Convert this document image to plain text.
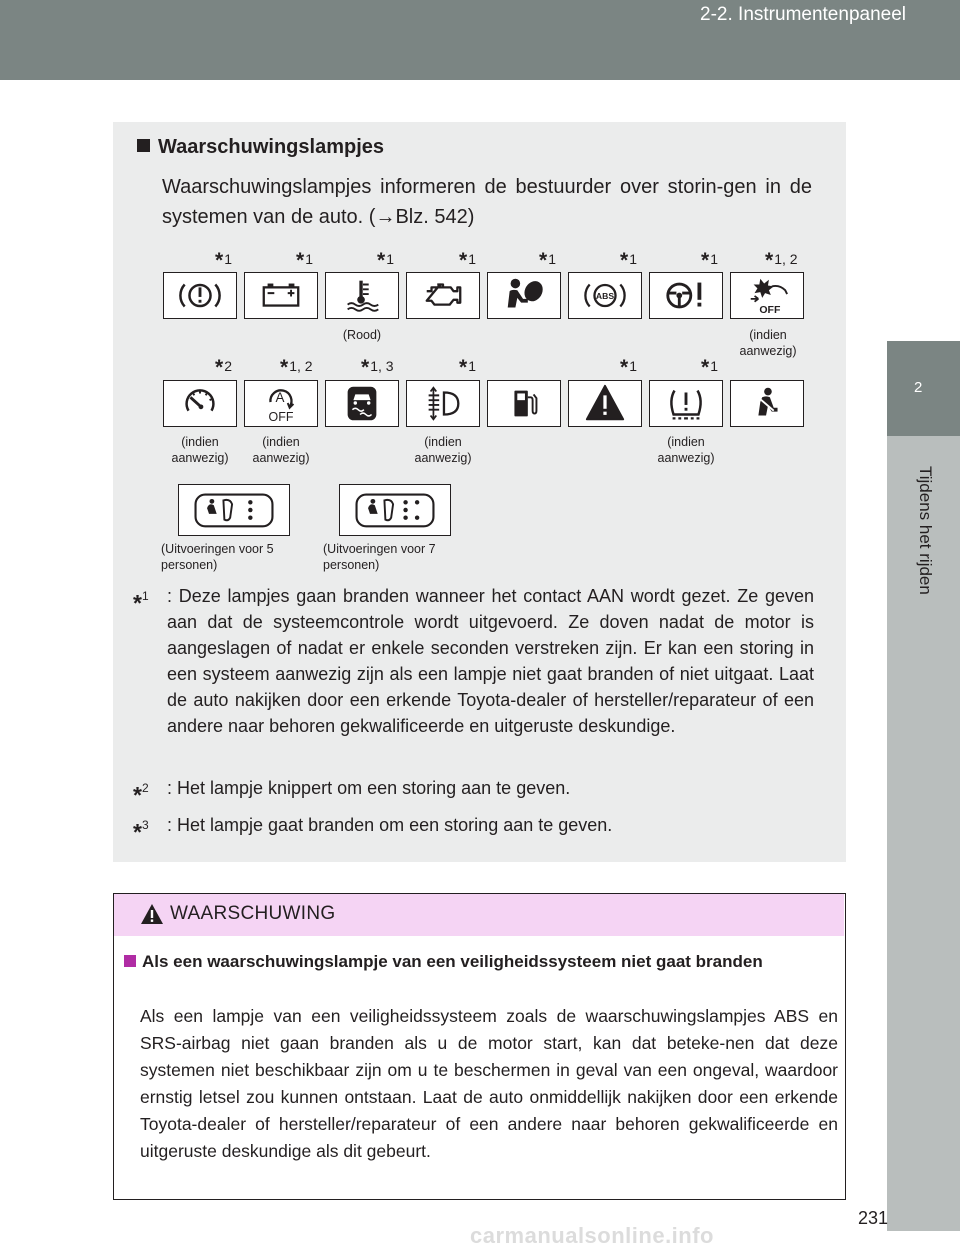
2-2. Instrumentenpaneel
2
Tijdens het rijden
Waarschuwingslampjes
Waarschuwingslampjes informeren de bestuurder over storin-gen in de systemen van de auto. (→Blz. 542)
*1	*1	*1	*1	*1	*1	*1 *1, 2
ABS
OFF
(Rood)	(indien aanwezig)
*2 *1, 2 *1, 3	*1	*1	*1
A
OFF
(indien aanwezig)
(indien aanwezig)
(indien aanwezig)
(indien aanwezig)
(Uitvoeringen voor 5 personen)
(Uitvoeringen voor 7 personen)
*$^1$ : Deze lampjes gaan branden wanneer het contact AAN wordt gezet. Ze geven aan dat de systeemcontrole wordt uitgevoerd. Ze doven nadat de motor is aangeslagen of nadat er enkele seconden verstreken zijn. Er kan een storing in een systeem aanwezig zijn als een lampje niet gaat branden of niet uitgaat. Laat de auto nakijken door een erkende Toyota-dealer of hersteller/reparateur of een andere naar behoren gekwalificeerde en uitgeruste deskundige.
*$^2$ : Het lampje knippert om een storing aan te geven.
*$^3$ : Het lampje gaat branden om een storing aan te geven.
WAARSCHUWING
Als een waarschuwingslampje van een veiligheidssysteem niet gaat branden
Als een lampje van een veiligheidssysteem zoals de waarschuwingslampjes ABS en SRS-airbag niet gaan branden als u de motor start, kan dat beteke-nen dat deze systemen niet beschikbaar zijn om u te beschermen in geval van een ongeval, waardoor ernstig letsel zou kunnen ontstaan. Laat de auto onmiddellijk nakijken door een erkende Toyota-dealer of hersteller/reparateur of een andere naar behoren gekwalificeerde en uitgeruste deskundige als dit gebeurt.
231
carmanualsonline.info
